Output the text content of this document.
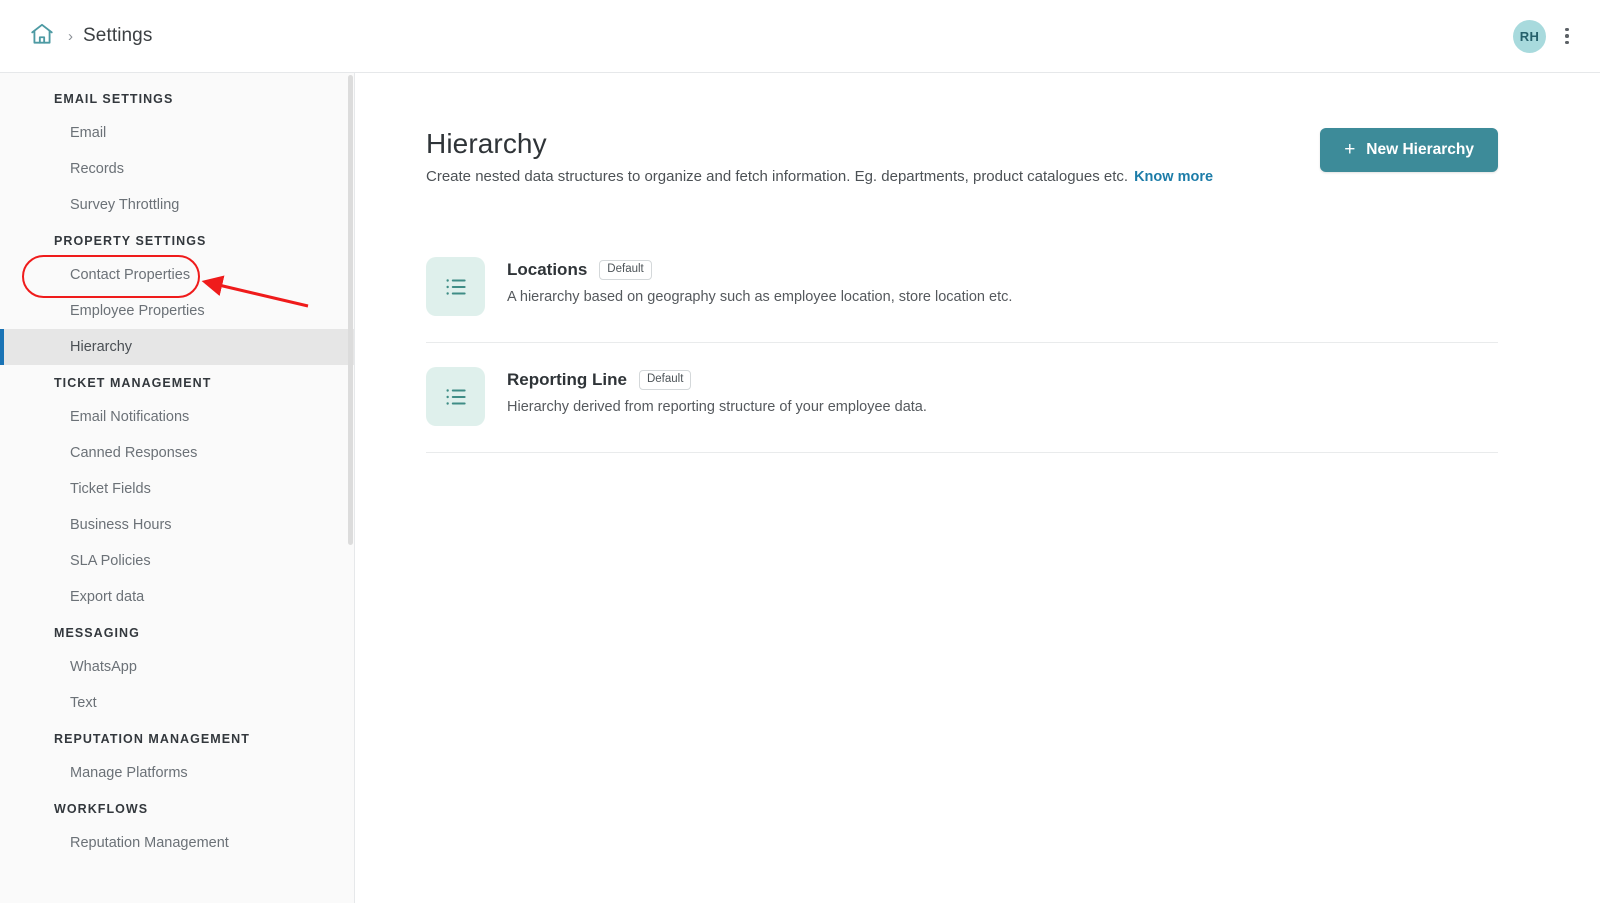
› Settings	RH
EMAIL SETTINGS
Email
Records
Survey Throttling
PROPERTY SETTINGS
Contact Properties
Employee Properties
Hierarchy
TICKET MANAGEMENT
Email Notifications
Canned Responses
Ticket Fields
Business Hours
SLA Policies
Export data
MESSAGING
WhatsApp
Text
REPUTATION MANAGEMENT
Manage Platforms
WORKFLOWS
Reputation Management
Hierarchy
Create nested data structures to organize and fetch information. Eg. departments, product catalogues etc. Know more
+ New Hierarchy
Locations	Default
A hierarchy based on geography such as employee location, store location etc.
Reporting Line	Default
Hierarchy derived from reporting structure of your employee data.
